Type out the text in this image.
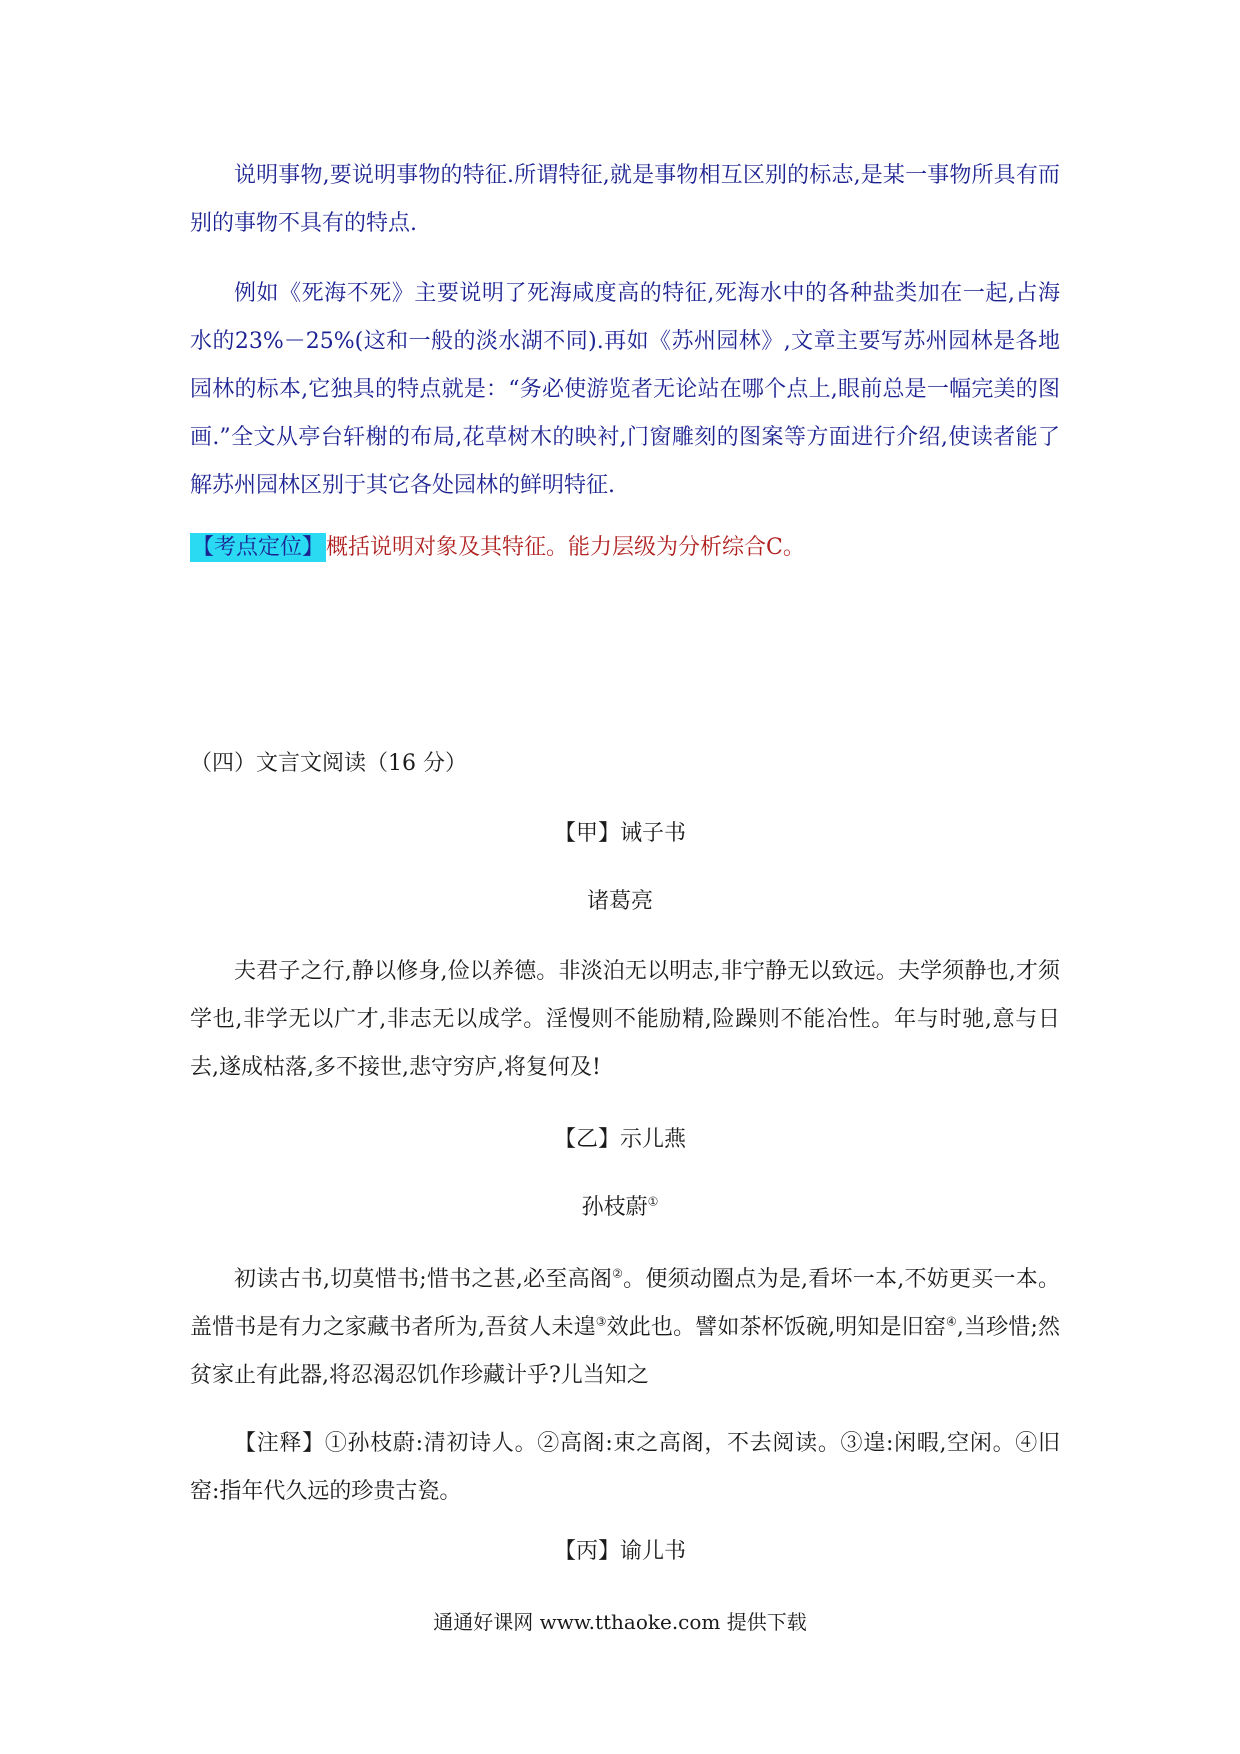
说明事物,要说明事物的特征.所谓特征,就是事物相互区别的标志,是某一事物所具有而别的事物不具有的特点.
例如《死海不死》主要说明了死海咸度高的特征,死海水中的各种盐类加在一起,占海水的23%－25%(这和一般的淡水湖不同).再如《苏州园林》,文章主要写苏州园林是各地园林的标本,它独具的特点就是：“务必使游览者无论站在哪个点上,眼前总是一幅完美的图画.”全文从亭台轩榭的布局,花草树木的映衬,门窗雕刻的图案等方面进行介绍,使读者能了解苏州园林区别于其它各处园林的鲜明特征.
【考点定位】概括说明对象及其特征。能力层级为分析综合C。
（四）文言文阅读（16 分）
【甲】诫子书
诸葛亮
夫君子之行,静以修身,俭以养德。非淡泊无以明志,非宁静无以致远。夫学须静也,才须学也,非学无以广才,非志无以成学。淫慢则不能励精,险躁则不能冶性。年与时驰,意与日去,遂成枯落,多不接世,悲守穷庐,将复何及!
【乙】示儿燕
孙枝蔚①
初读古书,切莫惜书;惜书之甚,必至高阁②。便须动圈点为是,看坏一本,不妨更买一本。盖惜书是有力之家藏书者所为,吾贫人未遑③效此也。譬如茶杯饭碗,明知是旧窑④,当珍惜;然贫家止有此器,将忍渴忍饥作珍藏计乎?儿当知之
【注释】①孙枝蔚:清初诗人。②高阁:束之高阁，不去阅读。③遑:闲暇,空闲。④旧窑:指年代久远的珍贵古瓷。
【丙】谕儿书
通通好课网 www.tthaoke.com 提供下载
